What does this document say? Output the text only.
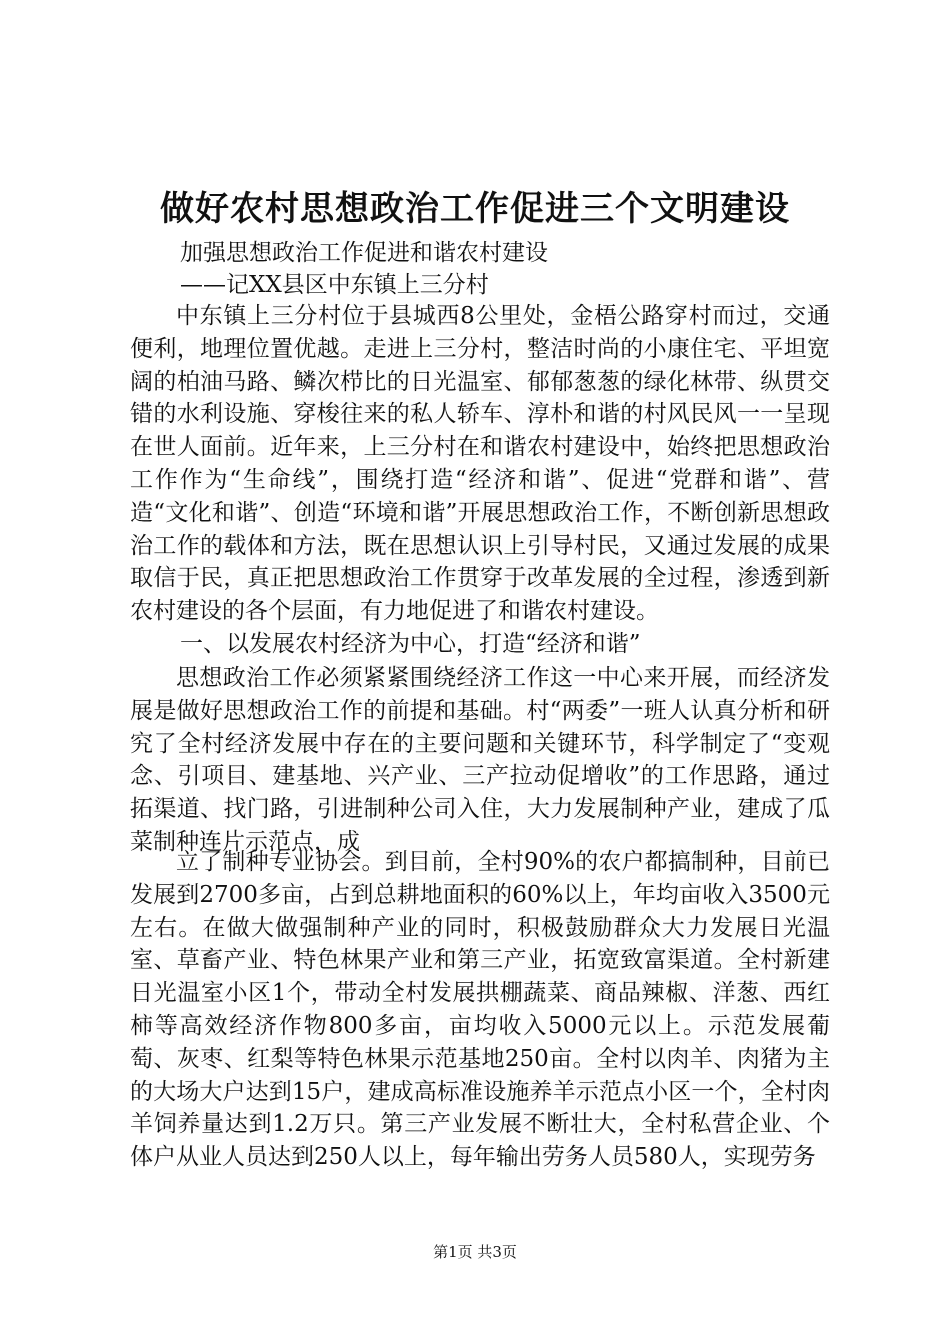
做好农村思想政治工作促进三个文明建设

加强思想政治工作促进和谐农村建设

——记XX县区中东镇上三分村

中东镇上三分村位于县城西8公里处，金梧公路穿村而过，交通便利，地理位置优越。走进上三分村，整洁时尚的小康住宅、平坦宽阔的柏油马路、鳞次栉比的日光温室、郁郁葱葱的绿化林带、纵贯交错的水利设施、穿梭往来的私人轿车、淳朴和谐的村风民风一一呈现在世人面前。近年来，上三分村在和谐农村建设中，始终把思想政治工作作为“生命线”，围绕打造“经济和谐”、促进“党群和谐”、营造“文化和谐”、创造“环境和谐”开展思想政治工作，不断创新思想政治工作的载体和方法，既在思想认识上引导村民，又通过发展的成果取信于民，真正把思想政治工作贯穿于改革发展的全过程，渗透到新农村建设的各个层面，有力地促进了和谐农村建设。

一、以发展农村经济为中心，打造“经济和谐”

思想政治工作必须紧紧围绕经济工作这一中心来开展，而经济发展是做好思想政治工作的前提和基础。村“两委”一班人认真分析和研究了全村经济发展中存在的主要问题和关键环节，科学制定了“变观念、引项目、建基地、兴产业、三产拉动促增收”的工作思路，通过拓渠道、找门路，引进制种公司入住，大力发展制种产业，建成了瓜菜制种连片示范点，成

立了制种专业协会。到目前，全村90%的农户都搞制种，目前已发展到2700多亩，占到总耕地面积的60%以上，年均亩收入3500元左右。在做大做强制种产业的同时，积极鼓励群众大力发展日光温室、草畜产业、特色林果产业和第三产业，拓宽致富渠道。全村新建日光温室小区1个，带动全村发展拱棚蔬菜、商品辣椒、洋葱、西红柿等高效经济作物800多亩，亩均收入5000元以上。示范发展葡萄、灰枣、红梨等特色林果示范基地250亩。全村以肉羊、肉猪为主的大场大户达到15户，建成高标准设施养羊示范点小区一个，全村肉羊饲养量达到1.2万只。第三产业发展不断壮大，全村私营企业、个体户从业人员达到250人以上，每年输出劳务人员580人，实现劳务

第1页 共3页
